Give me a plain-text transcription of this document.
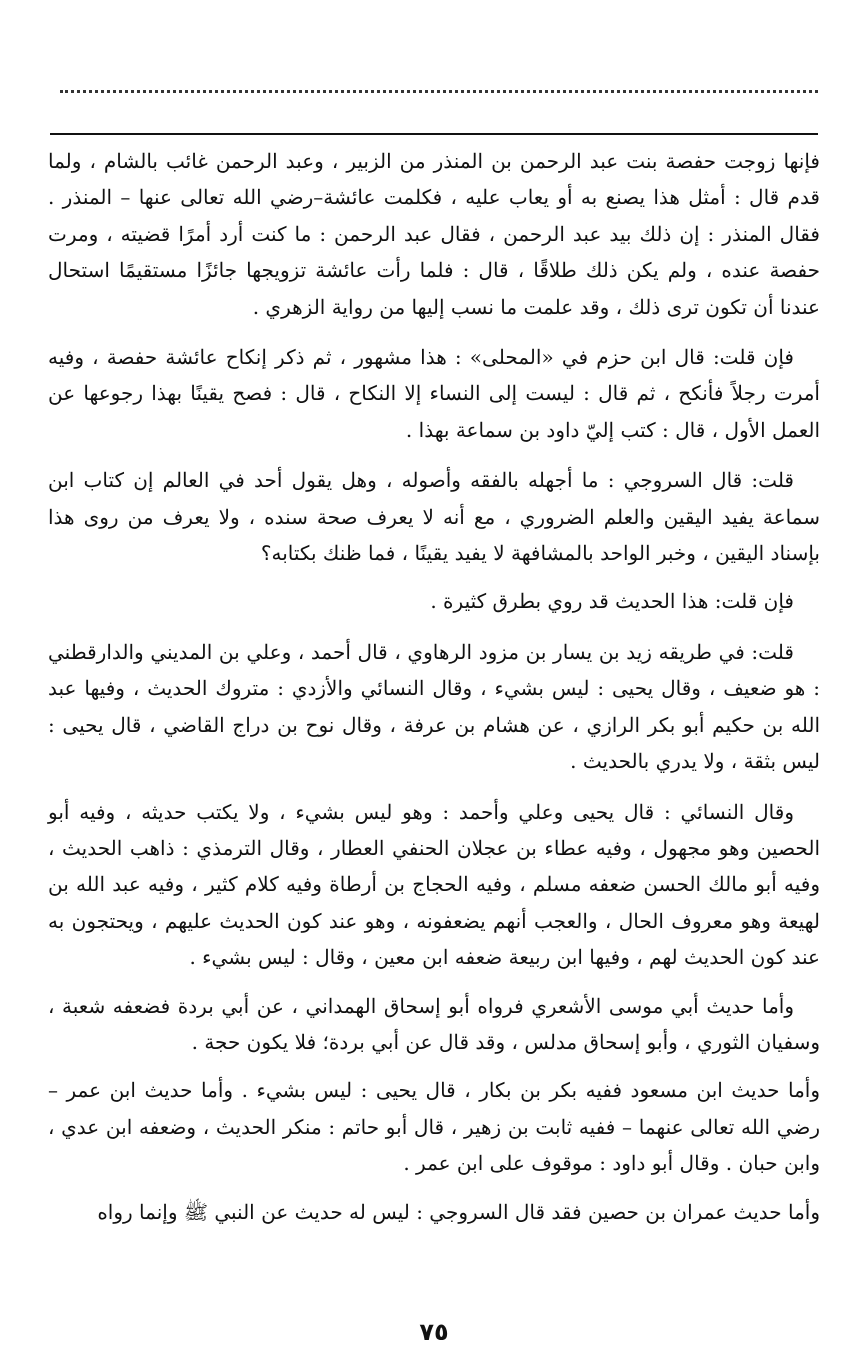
فإنها زوجت حفصة بنت عبد الرحمن بن المنذر من الزبير ، وعبد الرحمن غائب بالشام ، ولما قدم قال : أمثل هذا يصنع به أو يعاب عليه ، فكلمت عائشة–رضي الله تعالى عنها – المنذر . فقال المنذر : إن ذلك بيد عبد الرحمن ، فقال عبد الرحمن : ما كنت أرد أمرًا قضيته ، ومرت حفصة عنده ، ولم يكن ذلك طلاقًا ، قال : فلما رأت عائشة تزويجها جائزًا مستقيمًا استحال عندنا أن تكون ترى ذلك ، وقد علمت ما نسب إليها من رواية الزهري .

فإن قلت: قال ابن حزم في «المحلى» : هذا مشهور ، ثم ذكر إنكاح عائشة حفصة ، وفيه أمرت رجلاً فأنكح ، ثم قال : ليست إلى النساء إلا النكاح ، قال : فصح يقينًا بهذا رجوعها عن العمل الأول ، قال : كتب إليّ داود بن سماعة بهذا .

قلت: قال السروجي : ما أجهله بالفقه وأصوله ، وهل يقول أحد في العالم إن كتاب ابن سماعة يفيد اليقين والعلم الضروري ، مع أنه لا يعرف صحة سنده ، ولا يعرف من روى هذا بإسناد اليقين ، وخبر الواحد بالمشافهة لا يفيد يقينًا ، فما ظنك بكتابه؟

فإن قلت: هذا الحديث قد روي بطرق كثيرة .

قلت: في طريقه زيد بن يسار بن مزود الرهاوي ، قال أحمد ، وعلي بن المديني والدارقطني : هو ضعيف ، وقال يحيى : ليس بشيء ، وقال النسائي والأزدي : متروك الحديث ، وفيها عبد الله بن حكيم أبو بكر الرازي ، عن هشام بن عرفة ، وقال نوح بن دراج القاضي ، قال يحيى : ليس بثقة ، ولا يدري بالحديث .

وقال النسائي : قال يحيى وعلي وأحمد : وهو ليس بشيء ، ولا يكتب حديثه ، وفيه أبو الحصين وهو مجهول ، وفيه عطاء بن عجلان الحنفي العطار ، وقال الترمذي : ذاهب الحديث ، وفيه أبو مالك الحسن ضعفه مسلم ، وفيه الحجاج بن أرطاة وفيه كلام كثير ، وفيه عبد الله بن لهيعة وهو معروف الحال ، والعجب أنهم يضعفونه ، وهو عند كون الحديث عليهم ، ويحتجون به عند كون الحديث لهم ، وفيها ابن ربيعة ضعفه ابن معين ، وقال : ليس بشيء .

وأما حديث أبي موسى الأشعري فرواه أبو إسحاق الهمداني ، عن أبي بردة فضعفه شعبة ، وسفيان الثوري ، وأبو إسحاق مدلس ، وقد قال عن أبي بردة؛ فلا يكون حجة .

وأما حديث ابن مسعود ففيه بكر بن بكار ، قال يحيى : ليس بشيء . وأما حديث ابن عمر – رضي الله تعالى عنهما – ففيه ثابت بن زهير ، قال أبو حاتم : منكر الحديث ، وضعفه ابن عدي ، وابن حبان . وقال أبو داود : موقوف على ابن عمر .

وأما حديث عمران بن حصين فقد قال السروجي : ليس له حديث عن النبي ﷺ وإنما رواه

٧٥
